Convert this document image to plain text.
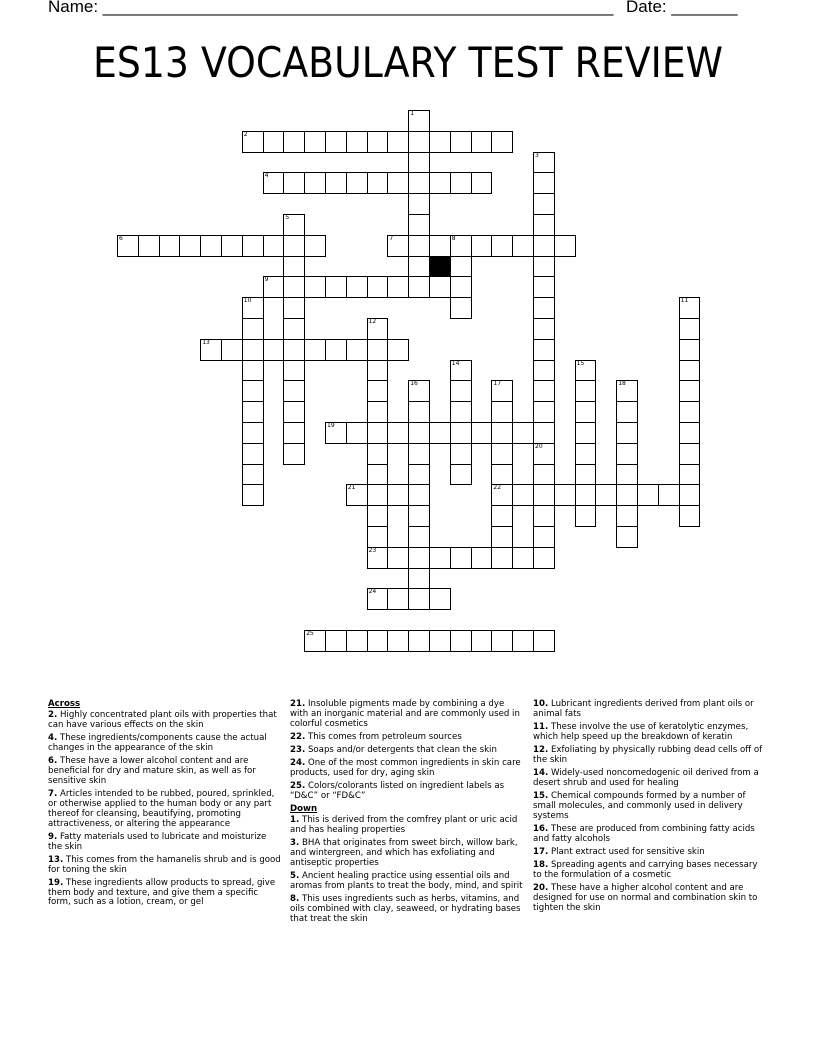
Name: ______________________________________________________ Date: _______
ES13 VOCABULARY TEST REVIEW
1
2
3
20
4
5
6	7	8
9
10	11
12
13
14	15
16	17
22
18
19
21
23
24
25
Across
2. Highly concentrated plant oils with properties that can have various effects on the skin
4. These ingredients/components cause the actual changes in the appearance of the skin
6. These have a lower alcohol content and are beneficial for dry and mature skin, as well as for sensitive skin
7. Articles intended to be rubbed, poured, sprinkled, or otherwise applied to the human body or any part thereof for cleansing, beautifying, promoting attractiveness, or altering the appearance
9. Fatty materials used to lubricate and moisturize the skin
13. This comes from the hamanelis shrub and is good for toning the skin
19. These ingredients allow products to spread, give them body and texture, and give them a specific form, such as a lotion, cream, or gel
21. Insoluble pigments made by combining a dye with an inorganic material and are commonly used in colorful cosmetics
22. This comes from petroleum sources
23. Soaps and/or detergents that clean the skin
24. One of the most common ingredients in skin care products, used for dry, aging skin
25. Colors/colorants listed on ingredient labels as “D&C” or “FD&C”
Down
1. This is derived from the comfrey plant or uric acid and has healing properties
3. BHA that originates from sweet birch, willow bark, and wintergreen, and which has exfoliating and antiseptic properties
5. Ancient healing practice using essential oils and aromas from plants to treat the body, mind, and spirit
8. This uses ingredients such as herbs, vitamins, and oils combined with clay, seaweed, or hydrating bases that treat the skin
10. Lubricant ingredients derived from plant oils or animal fats
11. These involve the use of keratolytic enzymes, which help speed up the breakdown of keratin
12. Exfoliating by physically rubbing dead cells off of the skin
14. Widely-used noncomedogenic oil derived from a desert shrub and used for healing
15. Chemical compounds formed by a number of small molecules, and commonly used in delivery systems
16. These are produced from combining fatty acids and fatty alcohols
17. Plant extract used for sensitive skin
18. Spreading agents and carrying bases necessary to the formulation of a cosmetic
20. These have a higher alcohol content and are designed for use on normal and combination skin to tighten the skin
